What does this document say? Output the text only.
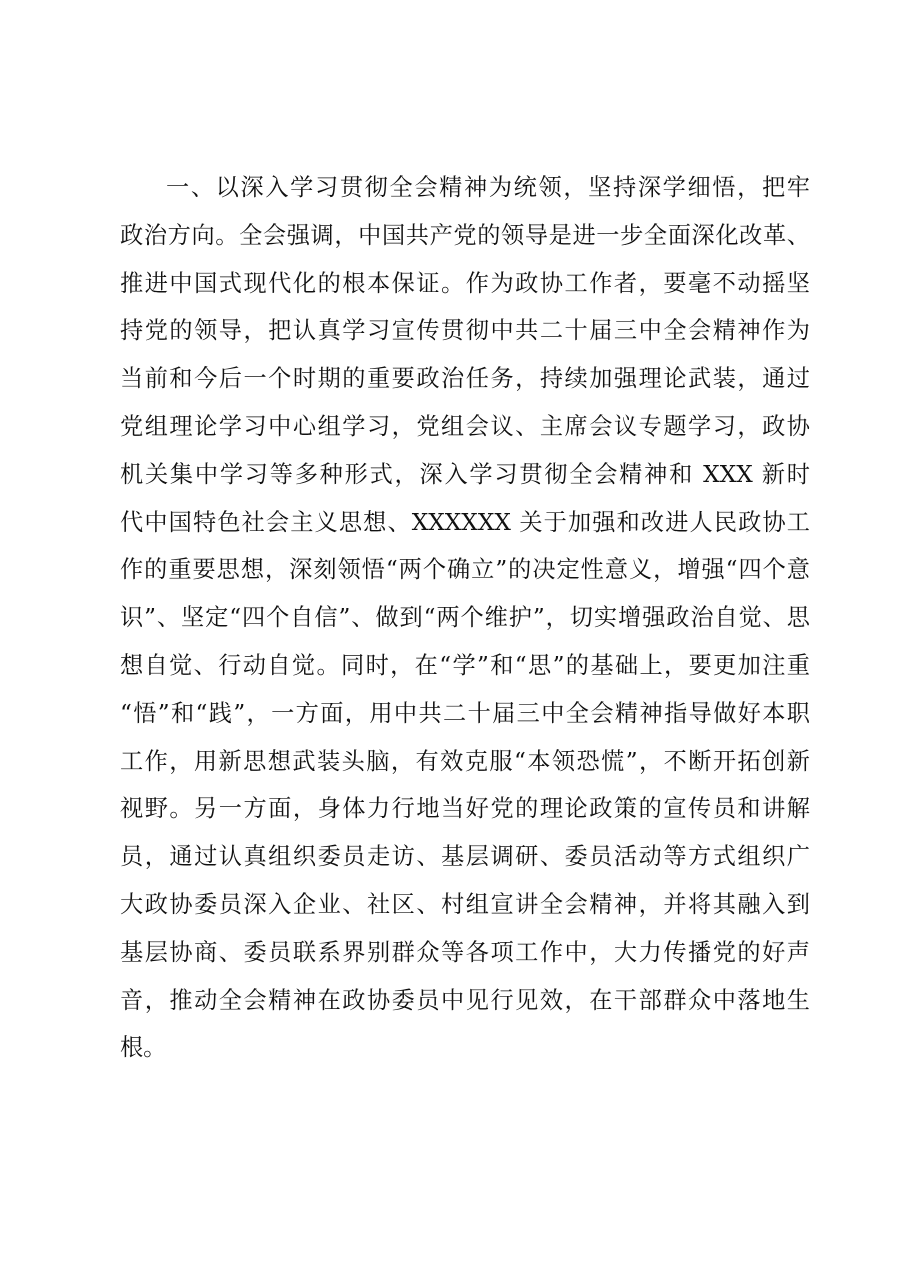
一、以深入学习贯彻全会精神为统领，坚持深学细悟，把牢
政治方向。全会强调，中国共产党的领导是进一步全面深化改革、
推进中国式现代化的根本保证。作为政协工作者，要毫不动摇坚
持党的领导，把认真学习宣传贯彻中共二十届三中全会精神作为
当前和今后一个时期的重要政治任务，持续加强理论武装，通过
党组理论学习中心组学习，党组会议、主席会议专题学习，政协
机关集中学习等多种形式，深入学习贯彻全会精神和 XXX 新时
代中国特色社会主义思想、XXXXXX 关于加强和改进人民政协工
作的重要思想，深刻领悟“两个确立”的决定性意义，增强“四个意
识”、坚定“四个自信”、做到“两个维护”，切实增强政治自觉、思
想自觉、行动自觉。同时，在“学”和“思”的基础上，要更加注重
“悟”和“践”，一方面，用中共二十届三中全会精神指导做好本职
工作，用新思想武装头脑，有效克服“本领恐慌”，不断开拓创新
视野。另一方面，身体力行地当好党的理论政策的宣传员和讲解
员，通过认真组织委员走访、基层调研、委员活动等方式组织广
大政协委员深入企业、社区、村组宣讲全会精神，并将其融入到
基层协商、委员联系界别群众等各项工作中，大力传播党的好声
音，推动全会精神在政协委员中见行见效，在干部群众中落地生
根。
